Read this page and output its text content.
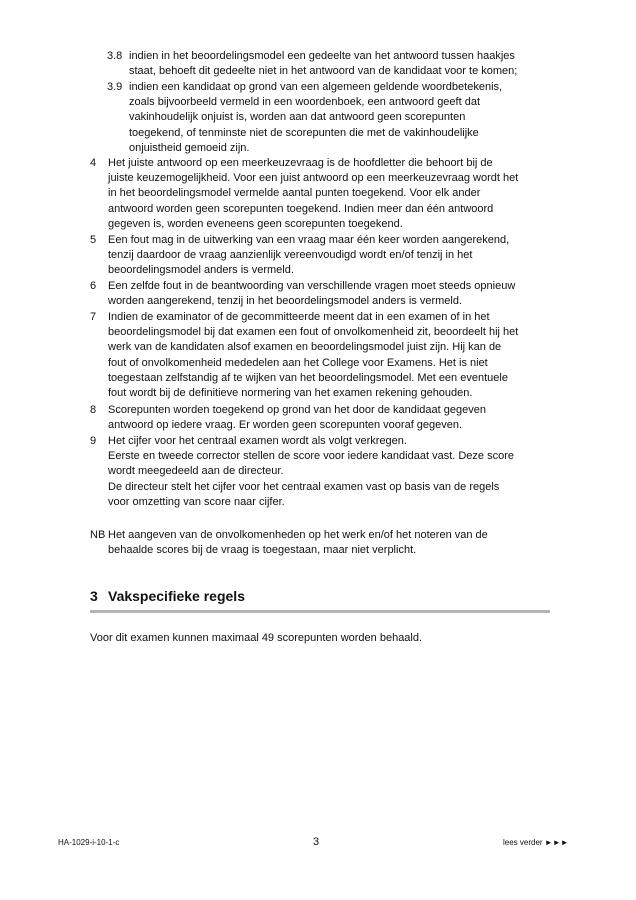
3.8 indien in het beoordelingsmodel een gedeelte van het antwoord tussen haakjes
staat, behoeft dit gedeelte niet in het antwoord van de kandidaat voor te komen;
3.9 indien een kandidaat op grond van een algemeen geldende woordbetekenis,
zoals bijvoorbeeld vermeld in een woordenboek, een antwoord geeft dat
vakinhoudelijk onjuist is, worden aan dat antwoord geen scorepunten
toegekend, of tenminste niet de scorepunten die met de vakinhoudelijke
onjuistheid gemoeid zijn.
4 Het juiste antwoord op een meerkeuzevraag is de hoofdletter die behoort bij de
juiste keuzemogelijkheid. Voor een juist antwoord op een meerkeuzevraag wordt het
in het beoordelingsmodel vermelde aantal punten toegekend. Voor elk ander
antwoord worden geen scorepunten toegekend. Indien meer dan één antwoord
gegeven is, worden eveneens geen scorepunten toegekend.
5 Een fout mag in de uitwerking van een vraag maar één keer worden aangerekend,
tenzij daardoor de vraag aanzienlijk vereenvoudigd wordt en/of tenzij in het
beoordelingsmodel anders is vermeld.
6 Een zelfde fout in de beantwoording van verschillende vragen moet steeds opnieuw
worden aangerekend, tenzij in het beoordelingsmodel anders is vermeld.
7 Indien de examinator of de gecommitteerde meent dat in een examen of in het
beoordelingsmodel bij dat examen een fout of onvolkomenheid zit, beoordeelt hij het
werk van de kandidaten alsof examen en beoordelingsmodel juist zijn. Hij kan de
fout of onvolkomenheid mededelen aan het College voor Examens. Het is niet
toegestaan zelfstandig af te wijken van het beoordelingsmodel. Met een eventuele
fout wordt bij de definitieve normering van het examen rekening gehouden.
8 Scorepunten worden toegekend op grond van het door de kandidaat gegeven
antwoord op iedere vraag. Er worden geen scorepunten vooraf gegeven.
9 Het cijfer voor het centraal examen wordt als volgt verkregen.
Eerste en tweede corrector stellen de score voor iedere kandidaat vast. Deze score
wordt meegedeeld aan de directeur.
De directeur stelt het cijfer voor het centraal examen vast op basis van de regels
voor omzetting van score naar cijfer.
NB Het aangeven van de onvolkomenheden op het werk en/of het noteren van de
behaalde scores bij de vraag is toegestaan, maar niet verplicht.
3 Vakspecifieke regels
Voor dit examen kunnen maximaal 49 scorepunten worden behaald.
HA-1029-i-10-1-c	3	lees verder ►►►
